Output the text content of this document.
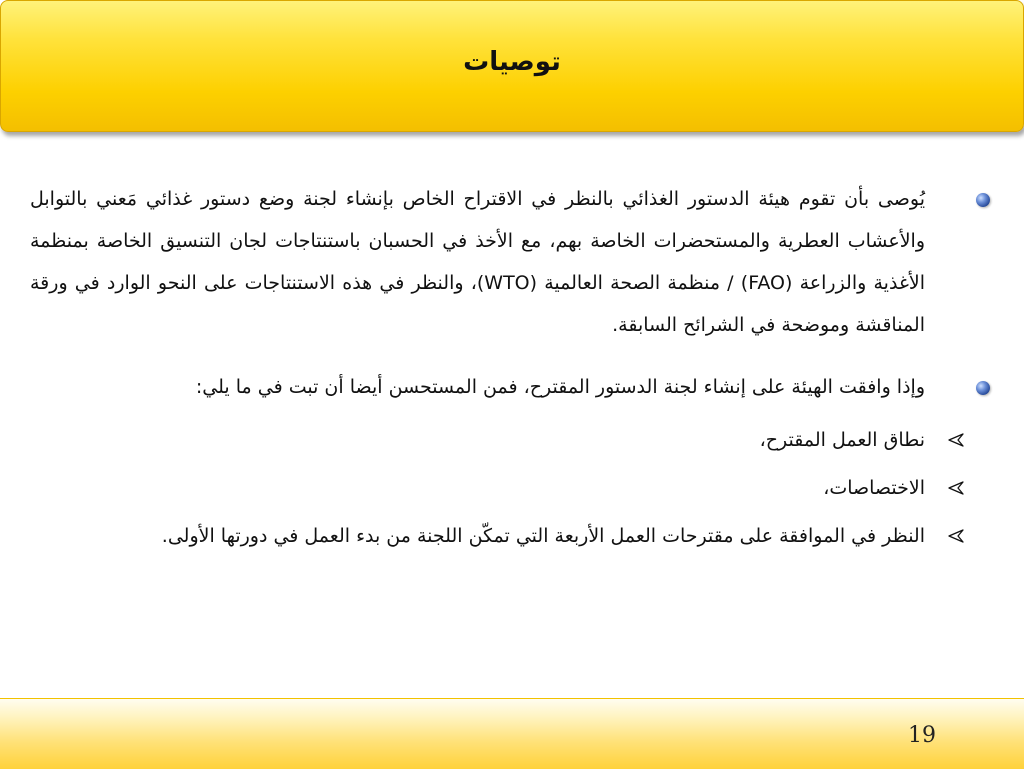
توصيات
يُوصى بأن تقوم هيئة الدستور الغذائي بالنظر في الاقتراح الخاص بإنشاء لجنة وضع دستور غذائي مَعني بالتوابل والأعشاب العطرية والمستحضرات الخاصة بهم، مع الأخذ في الحسبان باستنتاجات لجان التنسيق الخاصة بمنظمة الأغذية والزراعة (FAO) / منظمة الصحة العالمية (WTO)، والنظر في هذه الاستنتاجات على النحو الوارد في ورقة المناقشة وموضحة في الشرائح السابقة.
وإذا وافقت الهيئة على إنشاء لجنة الدستور المقترح، فمن المستحسن أيضا أن تبت في ما يلي:
نطاق العمل المقترح،
الاختصاصات،
النظر في الموافقة على مقترحات العمل الأربعة التي تمكّن اللجنة من بدء العمل في دورتها الأولى.
19
